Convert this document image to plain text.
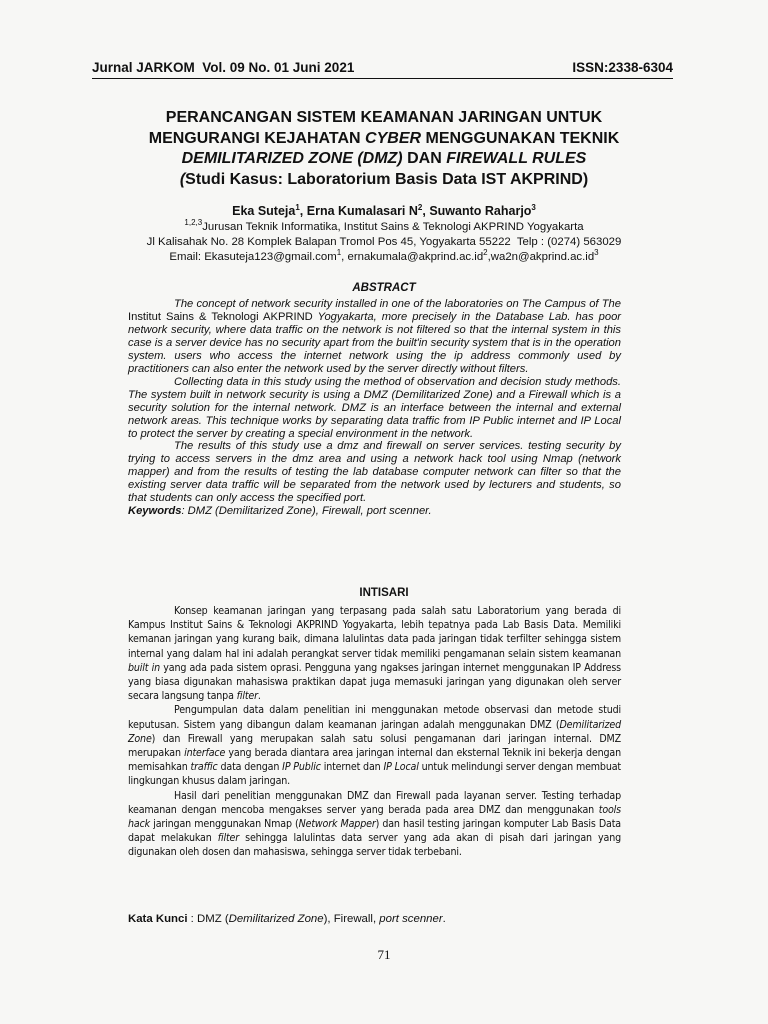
Jurnal JARKOM  Vol. 09 No. 01 Juni 2021	ISSN:2338-6304
PERANCANGAN SISTEM KEAMANAN JARINGAN UNTUK
MENGURANGI KEJAHATAN CYBER MENGGUNAKAN TEKNIK
DEMILITARIZED ZONE (DMZ) DAN FIREWALL RULES
(Studi Kasus: Laboratorium Basis Data IST AKPRIND)
Eka Suteja$^1$, Erna Kumalasari $N^2$, Suwanto Raharjo$^3$
$^{1,2,3}$Jurusan Teknik Informatika, Institut Sains & Teknologi AKPRIND Yogyakarta
Jl Kalisahak No. 28 Komplek Balapan Tromol Pos 45, Yogyakarta 55222  Telp : (0274) 563029
Email: Ekasuteja123@gmail.com$^1$, $ernakumala@akprind.ac.id^2,wa2n@akprind.ac.id^3$
ABSTRACT

The concept of network security installed in one of the laboratories on The Campus of The Institut Sains & Teknologi AKPRIND Yogyakarta, more precisely in the Database Lab. has poor network security, where data traffic on the network is not filtered so that the internal system in this case is a server device has no security apart from the built'in security system that is in the operation system. users who access the internet network using the ip address commonly used by practitioners can also enter the network used by the server directly without filters.

Collecting data in this study using the method of observation and decision study methods. The system built in network security is using a DMZ (Demilitarized Zone) and a Firewall which is a security solution for the internal network. DMZ is an interface between the internal and external network areas. This technique works by separating data traffic from IP Public internet and IP Local to protect the server by creating a special environment in the network.

The results of this study use a dmz and firewall on server services. testing security by trying to access servers in the dmz area and using a network hack tool using Nmap (network mapper) and from the results of testing the lab database computer network can filter so that the existing server data traffic will be separated from the network used by lecturers and students, so that students can only access the specified port.

Keywords: DMZ (Demilitarized Zone), Firewall, port scenner.

INTISARI

Konsep keamanan jaringan yang terpasang pada salah satu Laboratorium yang berada di Kampus Institut Sains & Teknologi AKPRIND Yogyakarta, lebih tepatnya pada Lab Basis Data. Memiliki kemanan jaringan yang kurang baik, dimana lalulintas data pada jaringan tidak terfilter sehingga sistem internal yang dalam hal ini adalah perangkat server tidak memiliki pengamanan selain sistem keamanan built in yang ada pada sistem oprasi. Pengguna yang ngakses jaringan internet menggunakan IP Address yang biasa digunakan mahasiswa praktikan dapat juga memasuki jaringan yang digunakan oleh server secara langsung tanpa filter.

Pengumpulan data dalam penelitian ini menggunakan metode observasi dan metode studi keputusan. Sistem yang dibangun dalam keamanan jaringan adalah menggunakan DMZ (Demilitarized Zone) dan Firewall yang merupakan salah satu solusi pengamanan dari jaringan internal. DMZ merupakan interface yang berada diantara area jaringan internal dan eksternal Teknik ini bekerja dengan memisahkan traffic data dengan IP Public internet dan IP Local untuk melindungi server dengan membuat lingkungan khusus dalam jaringan.

Hasil dari penelitian menggunakan DMZ dan Firewall pada layanan server. Testing terhadap keamanan dengan mencoba mengakses server yang berada pada area DMZ dan menggunakan tools hack jaringan menggunakan Nmap (Network Mapper) dan hasil testing jaringan komputer Lab Basis Data dapat melakukan filter sehingga lalulintas data server yang ada akan di pisah dari jaringan yang digunakan oleh dosen dan mahasiswa, sehingga server tidak terbebani.

Kata Kunci : DMZ (Demilitarized Zone), Firewall, port scenner.
71
